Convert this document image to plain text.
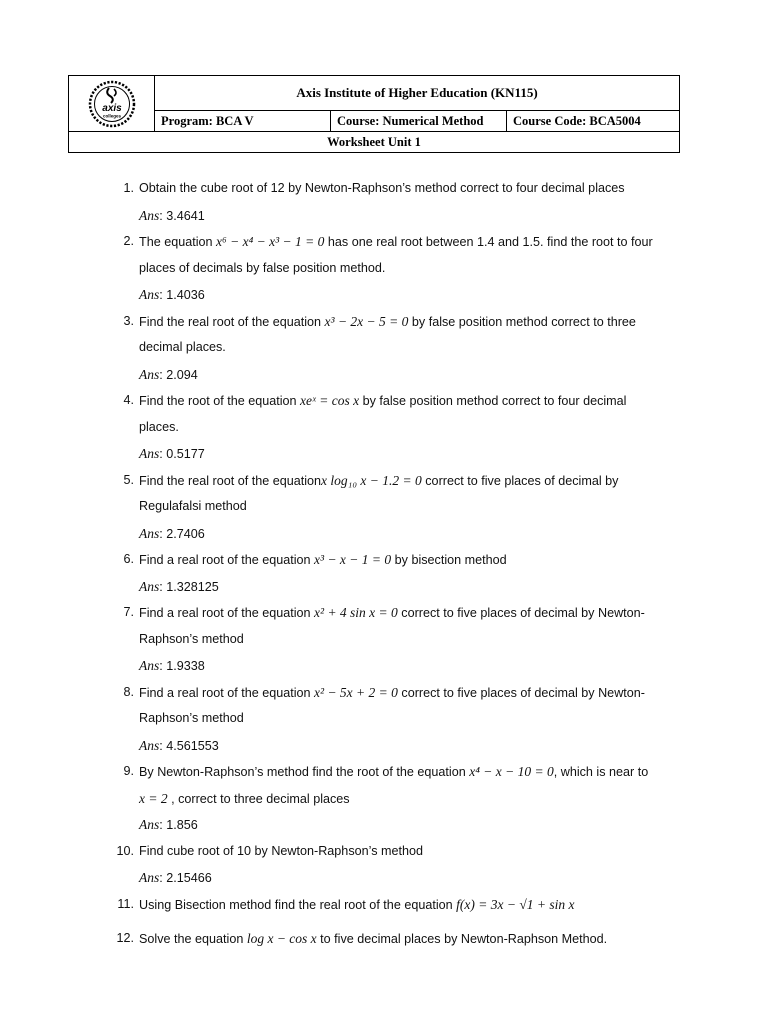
axis
colleges
Axis Institute of Higher Education (KN115)
Program: BCA V	Course: Numerical Method	Course Code: BCA5004
Worksheet Unit 1
1. Obtain the cube root of 12 by Newton-Raphson’s method correct to four decimal places
Ans: 3.4641
2. The equation x⁶ − x⁴ − x³ − 1 = 0 has one real root between 1.4 and 1.5. find the root to four
places of decimals by false position method.
Ans: 1.4036
3. Find the real root of the equation x³ − 2x − 5 = 0 by false position method correct to three
decimal places.
Ans: 2.094
4. Find the root of the equation xeˣ = cos x by false position method correct to four decimal
places.
Ans: 0.5177
5. Find the real root of the equationx log₁₀ x − 1.2 = 0 correct to five places of decimal by
Regulafalsi method
Ans: 2.7406
6. Find a real root of the equation x³ − x − 1 = 0 by bisection method
Ans: 1.328125
7. Find a real root of the equation x² + 4 sin x = 0 correct to five places of decimal by Newton-
Raphson’s method
Ans: 1.9338
8. Find a real root of the equation x² − 5x + 2 = 0 correct to five places of decimal by Newton-
Raphson’s method
Ans: 4.561553
9. By Newton-Raphson’s method find the root of the equation x⁴ − x − 10 = 0, which is near to
x = 2 , correct to three decimal places
Ans: 1.856
10. Find cube root of 10 by Newton-Raphson’s method
Ans: 2.15466
11. Using Bisection method find the real root of the equation f(x) = 3x − √1 + sin x
12. Solve the equation log x − cos x to five decimal places by Newton-Raphson Method.
